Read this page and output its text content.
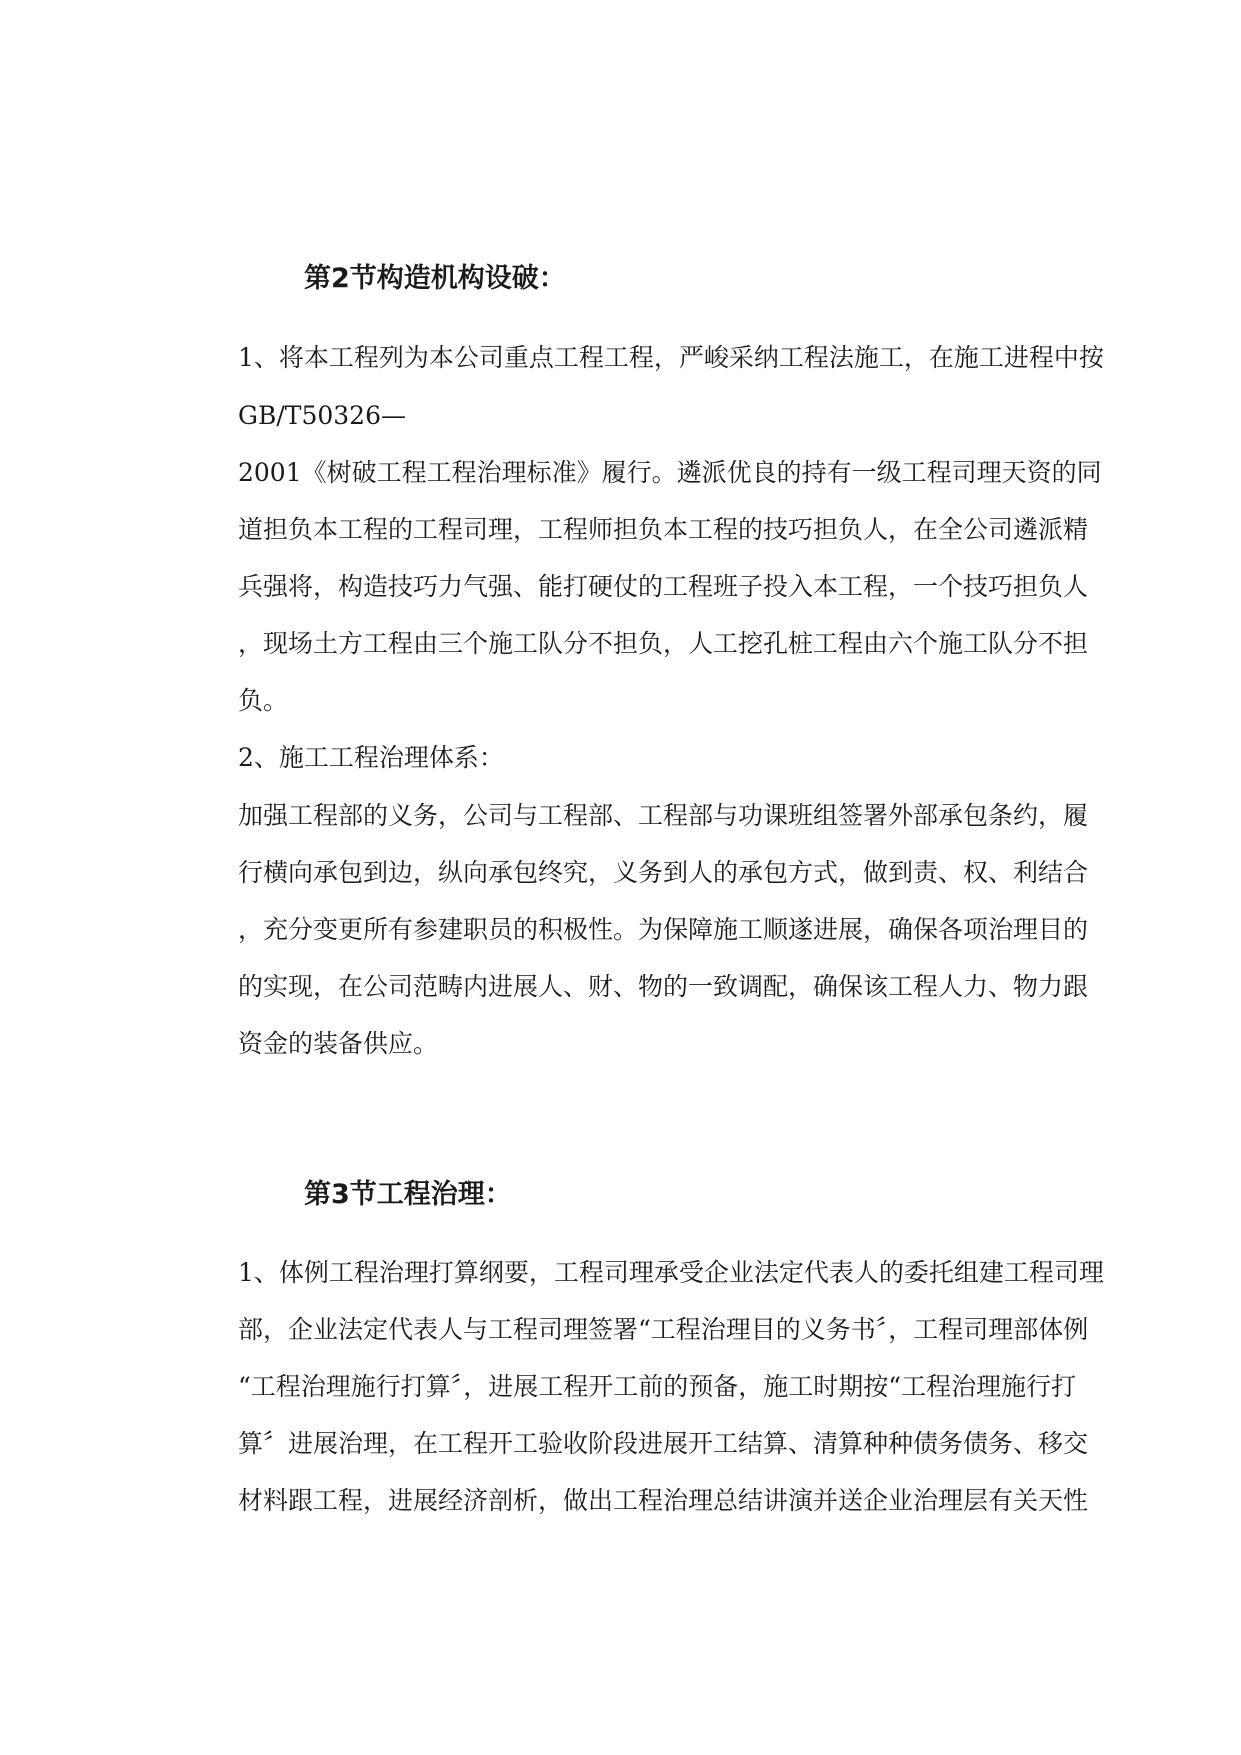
第2节构造机构设破：
1、将本工程列为本公司重点工程工程，严峻采纳工程法施工，在施工进程中按
GB/T50326—
2001《树破工程工程治理标准》履行。遴派优良的持有一级工程司理天资的同
道担负本工程的工程司理，工程师担负本工程的技巧担负人，在全公司遴派精
兵强将，构造技巧力气强、能打硬仗的工程班子投入本工程，一个技巧担负人
，现场土方工程由三个施工队分不担负，人工挖孔桩工程由六个施工队分不担
负。
2、施工工程治理体系：
加强工程部的义务，公司与工程部、工程部与功课班组签署外部承包条约，履
行横向承包到边，纵向承包终究，义务到人的承包方式，做到责、权、利结合
，充分变更所有参建职员的积极性。为保障施工顺遂进展，确保各项治理目的
的实现，在公司范畴内进展人、财、物的一致调配，确保该工程人力、物力跟
资金的装备供应。
第3节工程治理：
1、体例工程治理打算纲要，工程司理承受企业法定代表人的委托组建工程司理
部，企业法定代表人与工程司理签署“工程治理目的义务书〞，工程司理部体例
“工程治理施行打算〞，进展工程开工前的预备，施工时期按“工程治理施行打
算〞进展治理，在工程开工验收阶段进展开工结算、清算种种债务债务、移交
材料跟工程，进展经济剖析，做出工程治理总结讲演并送企业治理层有关天性
